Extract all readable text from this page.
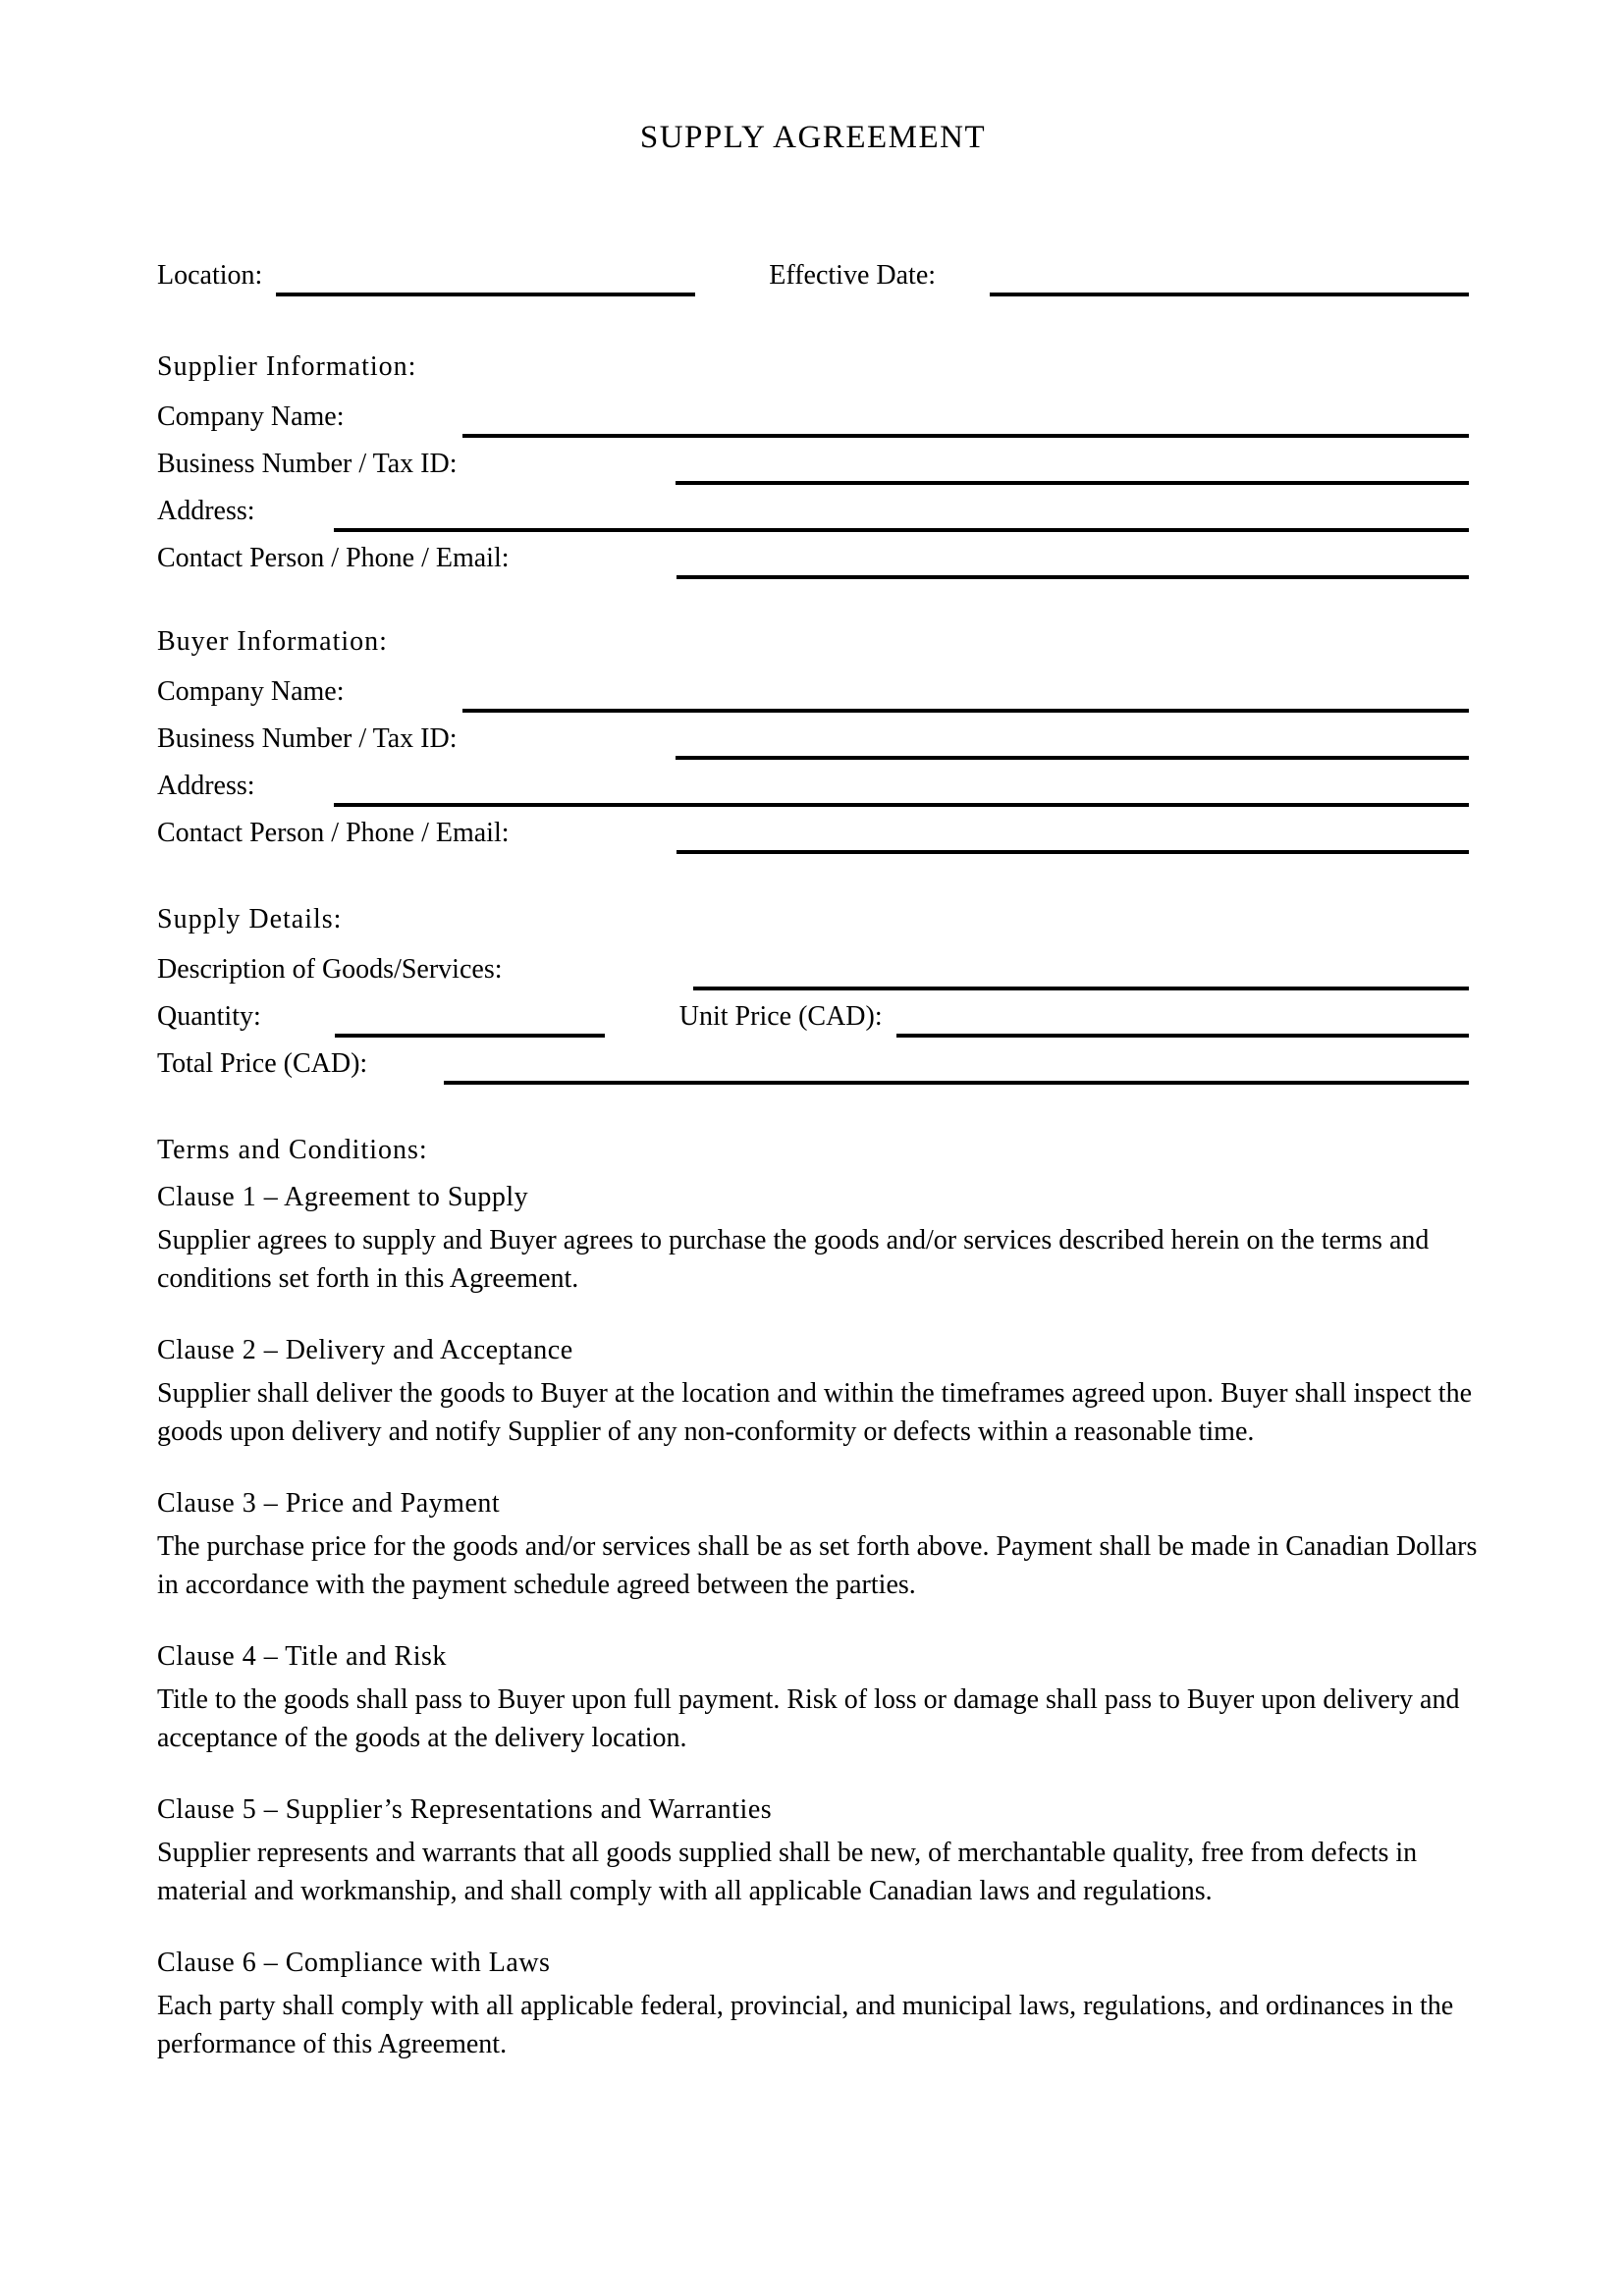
SUPPLY AGREEMENT
Location:	Effective Date:
Supplier Information:
Company Name:
Business Number / Tax ID:
Address:
Contact Person / Phone / Email:
Buyer Information:
Company Name:
Business Number / Tax ID:
Address:
Contact Person / Phone / Email:
Supply Details:
Description of Goods/Services:
Quantity:	Unit Price (CAD):
Total Price (CAD):
Terms and Conditions:
Clause 1 – Agreement to Supply
Supplier agrees to supply and Buyer agrees to purchase the goods and/or services described herein on the terms and
conditions set forth in this Agreement.
Clause 2 – Delivery and Acceptance
Supplier shall deliver the goods to Buyer at the location and within the timeframes agreed upon. Buyer shall inspect the
goods upon delivery and notify Supplier of any non-conformity or defects within a reasonable time.
Clause 3 – Price and Payment
The purchase price for the goods and/or services shall be as set forth above. Payment shall be made in Canadian Dollars
in accordance with the payment schedule agreed between the parties.
Clause 4 – Title and Risk
Title to the goods shall pass to Buyer upon full payment. Risk of loss or damage shall pass to Buyer upon delivery and
acceptance of the goods at the delivery location.
Clause 5 – Supplier’s Representations and Warranties
Supplier represents and warrants that all goods supplied shall be new, of merchantable quality, free from defects in
material and workmanship, and shall comply with all applicable Canadian laws and regulations.
Clause 6 – Compliance with Laws
Each party shall comply with all applicable federal, provincial, and municipal laws, regulations, and ordinances in the
performance of this Agreement.
